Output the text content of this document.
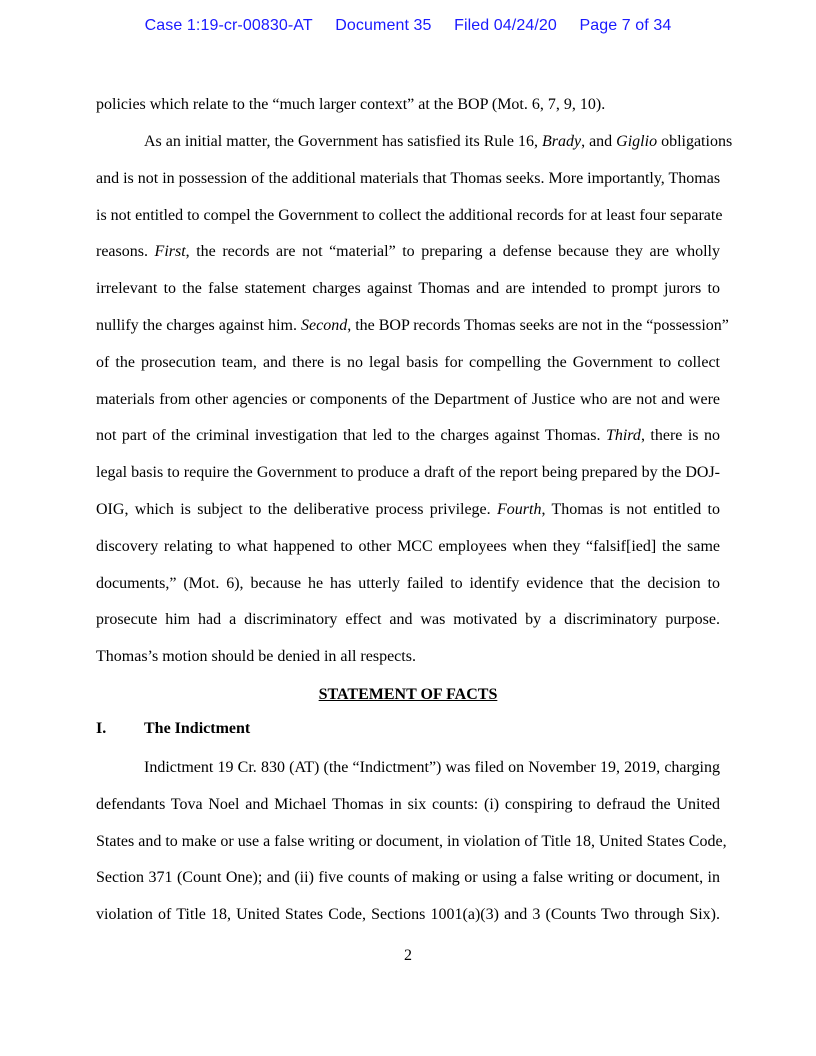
Case 1:19-cr-00830-AT Document 35 Filed 04/24/20 Page 7 of 34
policies which relate to the “much larger context” at the BOP (Mot. 6, 7, 9, 10).
As an initial matter, the Government has satisfied its Rule 16, Brady, and Giglio obligations
and is not in possession of the additional materials that Thomas seeks. More importantly, Thomas
is not entitled to compel the Government to collect the additional records for at least four separate
reasons. First, the records are not “material” to preparing a defense because they are wholly
irrelevant to the false statement charges against Thomas and are intended to prompt jurors to
nullify the charges against him. Second, the BOP records Thomas seeks are not in the “possession”
of the prosecution team, and there is no legal basis for compelling the Government to collect
materials from other agencies or components of the Department of Justice who are not and were
not part of the criminal investigation that led to the charges against Thomas. Third, there is no
legal basis to require the Government to produce a draft of the report being prepared by the DOJ-
OIG, which is subject to the deliberative process privilege. Fourth, Thomas is not entitled to
discovery relating to what happened to other MCC employees when they “falsif[ied] the same
documents,” (Mot. 6), because he has utterly failed to identify evidence that the decision to
prosecute him had a discriminatory effect and was motivated by a discriminatory purpose.
Thomas’s motion should be denied in all respects.
STATEMENT OF FACTS
I. The Indictment
Indictment 19 Cr. 830 (AT) (the “Indictment”) was filed on November 19, 2019, charging
defendants Tova Noel and Michael Thomas in six counts: (i) conspiring to defraud the United
States and to make or use a false writing or document, in violation of Title 18, United States Code,
Section 371 (Count One); and (ii) five counts of making or using a false writing or document, in
violation of Title 18, United States Code, Sections 1001(a)(3) and 3 (Counts Two through Six).
2
